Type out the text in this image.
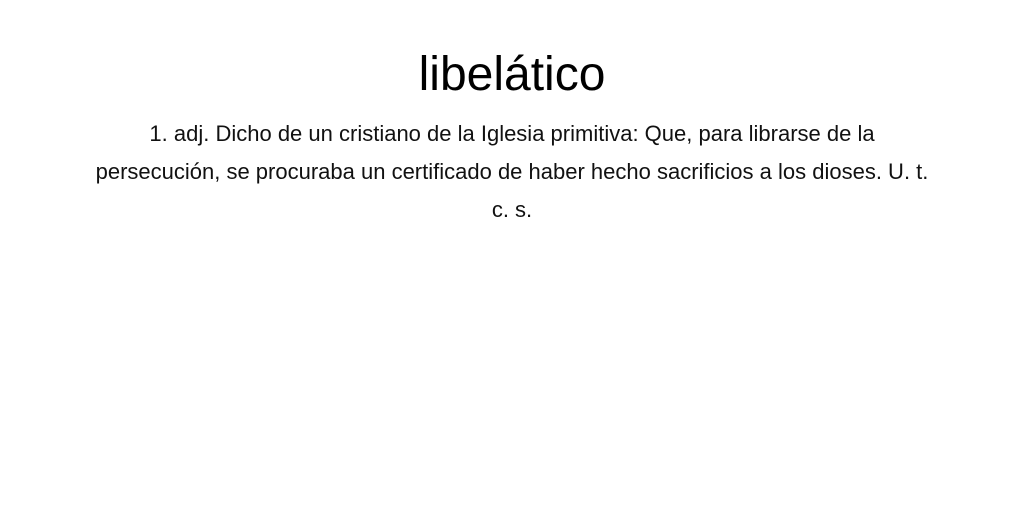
libelático

1. adj. Dicho de un cristiano de la Iglesia primitiva: Que, para librarse de la persecución, se procuraba un certificado de haber hecho sacrificios a los dioses. U. t. c. s.
